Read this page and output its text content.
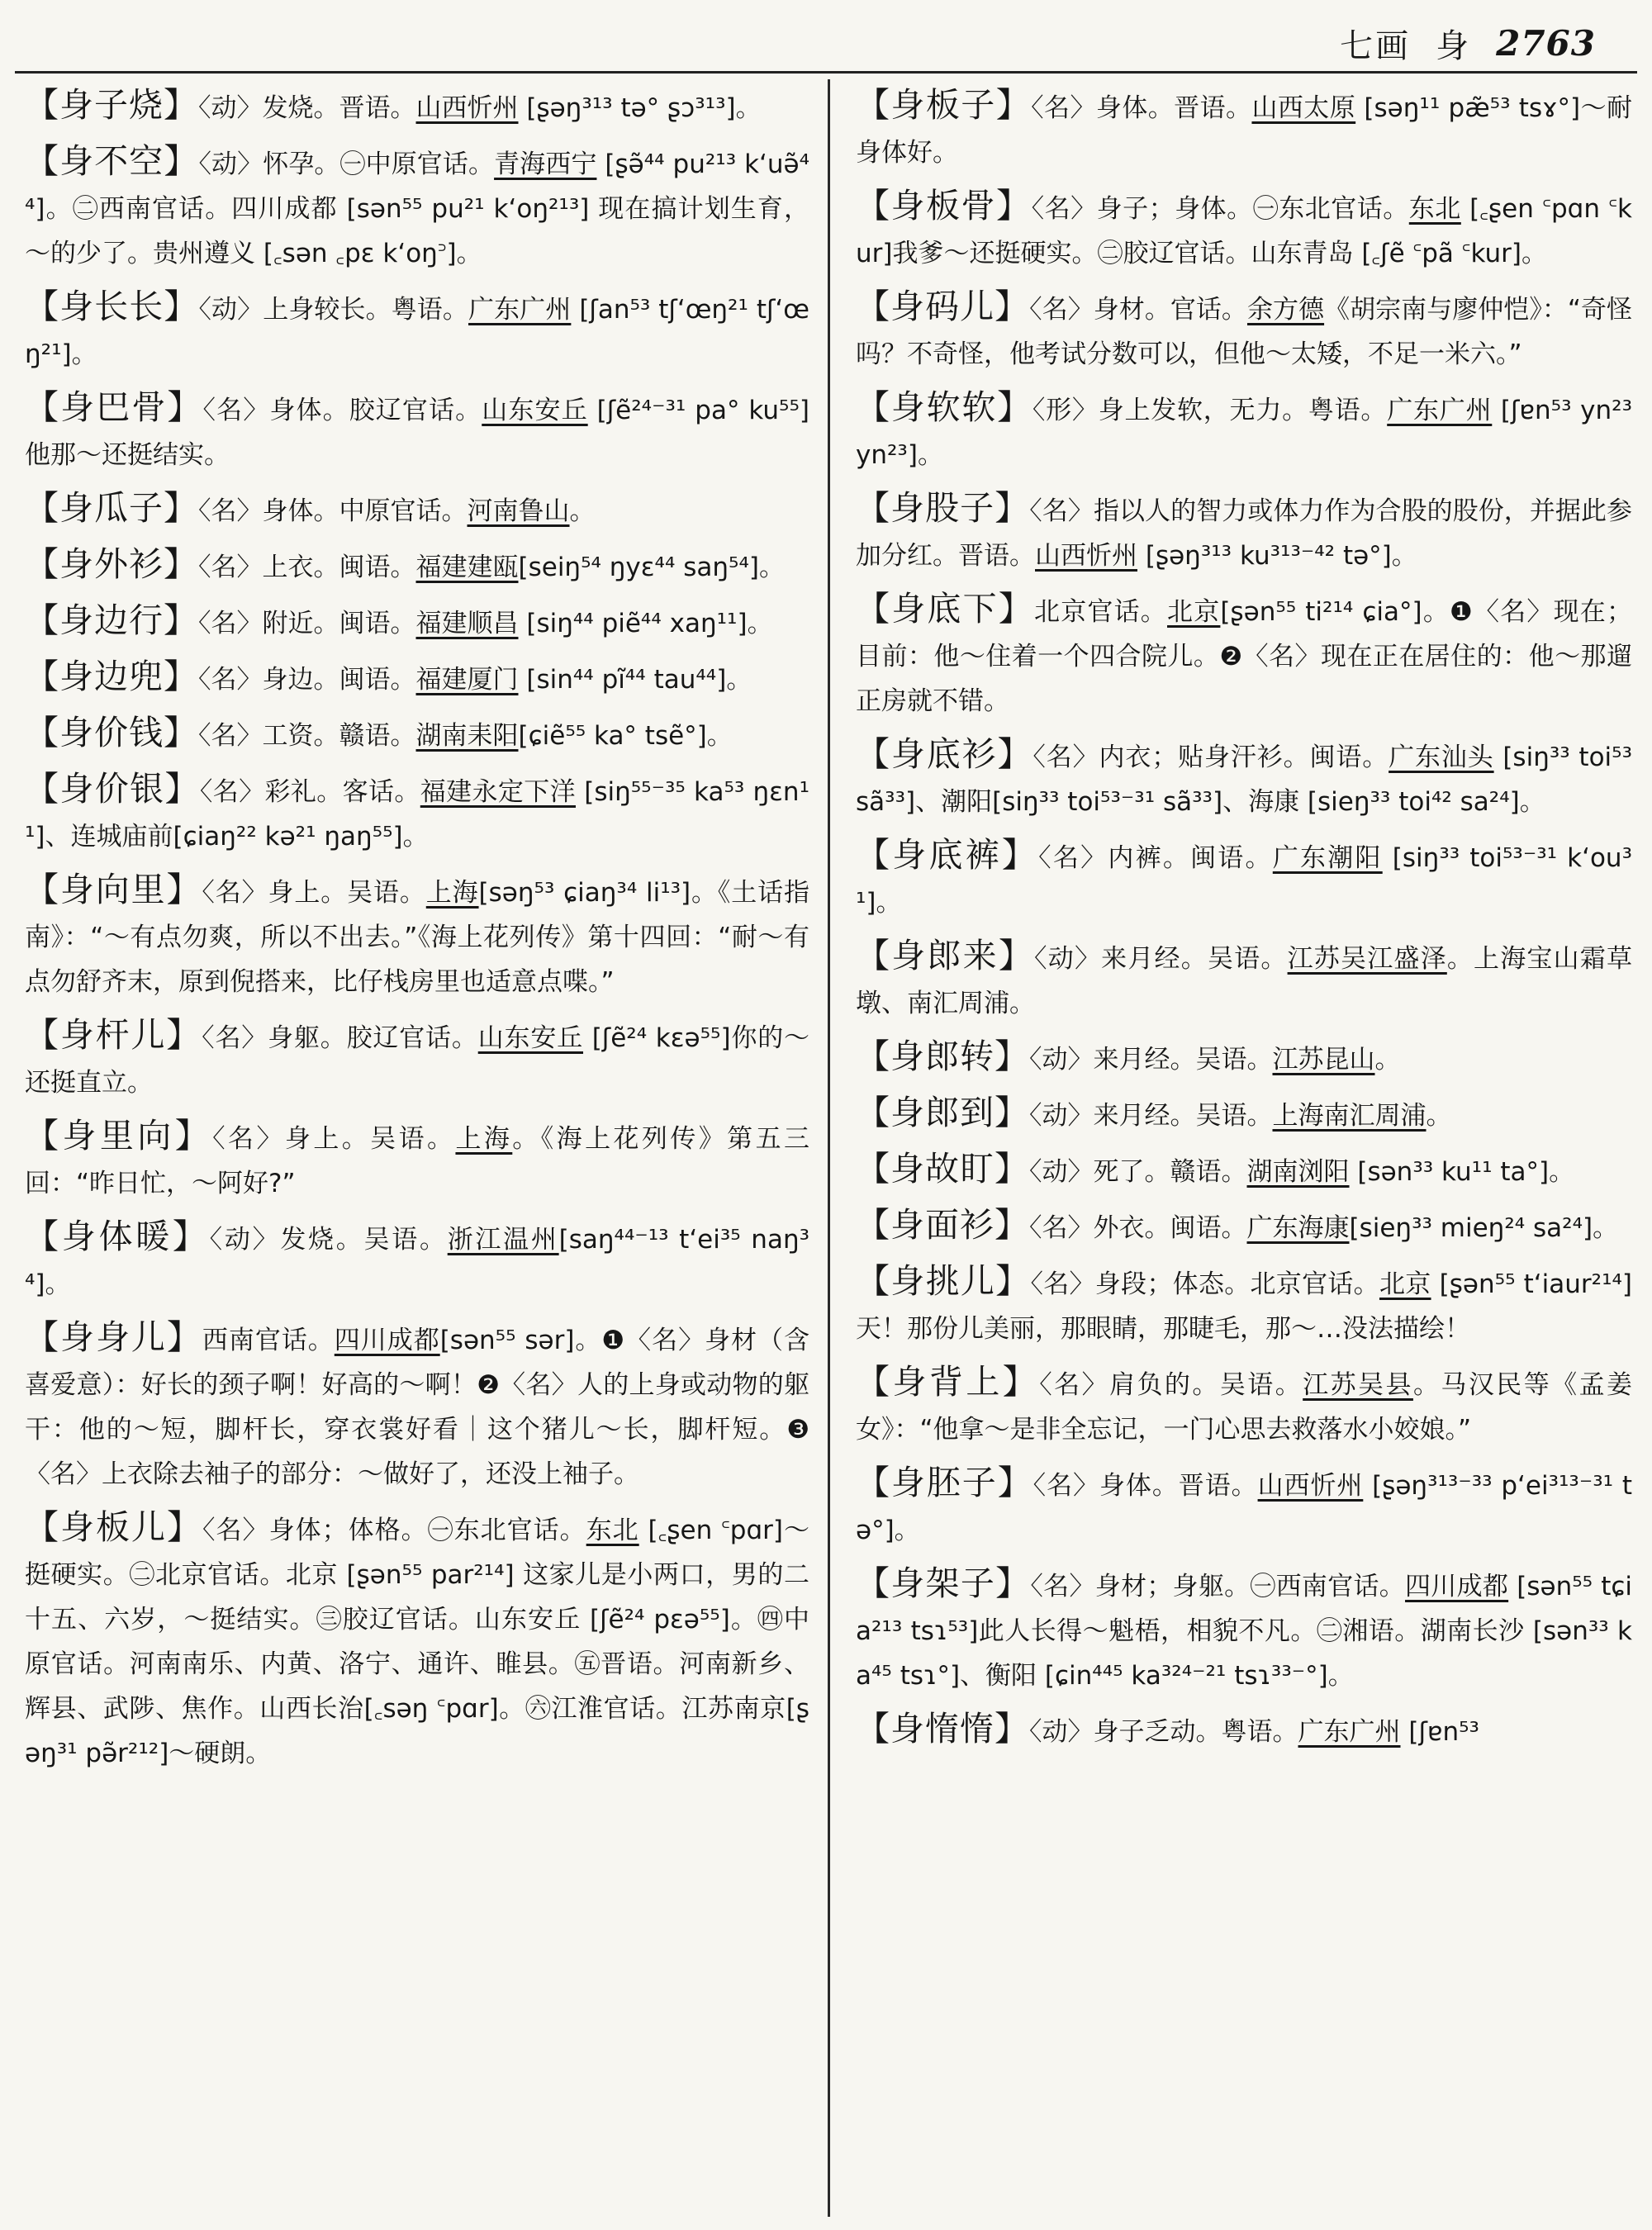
七画 身 2763

【身子烧】〈动〉发烧。晋语。山西忻州 [ʂəŋ³¹³ tə° ʂɔ³¹³]。

【身不空】〈动〉怀孕。㊀中原官话。青海西宁 [ʂə̃⁴⁴ pu²¹³ kʻuə̃⁴⁴]。㊁西南官话。四川成都 [sən⁵⁵ pu²¹ kʻoŋ²¹³] 现在搞计划生育，～的少了。贵州遵义 [꜀sən ꜀pɛ kʻoŋ꜄]。

【身长长】〈动〉上身较长。粤语。广东广州 [ʃan⁵³ tʃʻœŋ²¹ tʃʻœŋ²¹]。

【身巴骨】〈名〉身体。胶辽官话。山东安丘 [ʃẽ²⁴⁻³¹ pa° ku⁵⁵]他那～还挺结实。

【身瓜子】〈名〉身体。中原官话。河南鲁山。

【身外衫】〈名〉上衣。闽语。福建建瓯[seiŋ⁵⁴ ŋyɛ⁴⁴ saŋ⁵⁴]。

【身边行】〈名〉附近。闽语。福建顺昌 [siŋ⁴⁴ piẽ⁴⁴ xaŋ¹¹]。

【身边兜】〈名〉身边。闽语。福建厦门 [sin⁴⁴ pĩ⁴⁴ tau⁴⁴]。

【身价钱】〈名〉工资。赣语。湖南耒阳[ɕiẽ⁵⁵ ka° tsẽ°]。

【身价银】〈名〉彩礼。客话。福建永定下洋 [siŋ⁵⁵⁻³⁵ ka⁵³ ŋɛn¹¹]、连城庙前[ɕiaŋ²² kə²¹ ŋaŋ⁵⁵]。

【身向里】〈名〉身上。吴语。上海[səŋ⁵³ ɕiaŋ³⁴ li¹³]。《土话指南》：“～有点勿爽，所以不出去。”《海上花列传》第十四回：“耐～有点勿舒齐末，原到倪搭来，比仔栈房里也适意点喋。”

【身杆儿】〈名〉身躯。胶辽官话。山东安丘 [ʃẽ²⁴ kɛə⁵⁵]你的～还挺直立。

【身里向】〈名〉身上。吴语。上海。《海上花列传》第五三回：“昨日忙，～阿好?”

【身体暖】〈动〉发烧。吴语。浙江温州[saŋ⁴⁴⁻¹³ tʻei³⁵ naŋ³⁴]。

【身身儿】西南官话。四川成都[sən⁵⁵ sər]。❶〈名〉身材（含喜爱意）：好长的颈子啊！好高的～啊！❷〈名〉人的上身或动物的躯干：他的～短，脚杆长，穿衣裳好看｜这个猪儿～长，脚杆短。❸〈名〉上衣除去袖子的部分：～做好了，还没上袖子。

【身板儿】〈名〉身体；体格。㊀东北官话。东北 [꜀ʂen ꜂pɑr]～挺硬实。㊁北京官话。北京 [ʂən⁵⁵ par²¹⁴] 这家儿是小两口，男的二十五、六岁，～挺结实。㊂胶辽官话。山东安丘 [ʃẽ²⁴ pɛə⁵⁵]。㊃中原官话。河南南乐、内黄、洛宁、通许、睢县。㊄晋语。河南新乡、辉县、武陟、焦作。山西长治[꜀səŋ ꜂pɑr]。㊅江淮官话。江苏南京[ʂəŋ³¹ pə̃r²¹²]～硬朗。

【身板子】〈名〉身体。晋语。山西太原 [səŋ¹¹ pæ̃⁵³ tsɤ°]～耐身体好。

【身板骨】〈名〉身子；身体。㊀东北官话。东北 [꜀ʂen ꜂pɑn ꜂kur]我爹～还挺硬实。㊁胶辽官话。山东青岛 [꜀ʃẽ ꜂pã ꜂kur]。

【身码儿】〈名〉身材。官话。余方德《胡宗南与廖仲恺》：“奇怪吗？不奇怪，他考试分数可以，但他～太矮，不足一米六。”

【身软软】〈形〉身上发软，无力。粤语。广东广州 [ʃɐn⁵³ yn²³ yn²³]。

【身股子】〈名〉指以人的智力或体力作为合股的股份，并据此参加分红。晋语。山西忻州 [ʂəŋ³¹³ ku³¹³⁻⁴² tə°]。

【身底下】北京官话。北京[ʂən⁵⁵ ti²¹⁴ ɕia°]。❶〈名〉现在；目前：他～住着一个四合院儿。❷〈名〉现在正在居住的：他～那遛正房就不错。

【身底衫】〈名〉内衣；贴身汗衫。闽语。广东汕头 [siŋ³³ toi⁵³ sã³³]、潮阳[siŋ³³ toi⁵³⁻³¹ sã³³]、海康 [sieŋ³³ toi⁴² sa²⁴]。

【身底裤】〈名〉内裤。闽语。广东潮阳 [siŋ³³ toi⁵³⁻³¹ kʻou³¹]。

【身郎来】〈动〉来月经。吴语。江苏吴江盛泽。上海宝山霜草墩、南汇周浦。

【身郎转】〈动〉来月经。吴语。江苏昆山。

【身郎到】〈动〉来月经。吴语。上海南汇周浦。

【身故盯】〈动〉死了。赣语。湖南浏阳 [sən³³ ku¹¹ ta°]。

【身面衫】〈名〉外衣。闽语。广东海康[sieŋ³³ mieŋ²⁴ sa²⁴]。

【身挑儿】〈名〉身段；体态。北京官话。北京 [ʂən⁵⁵ tʻiaur²¹⁴] 天！那份儿美丽，那眼睛，那睫毛，那～…没法描绘！

【身背上】〈名〉肩负的。吴语。江苏吴县。马汉民等《孟姜女》：“他拿～是非全忘记，一门心思去救落水小姣娘。”

【身胚子】〈名〉身体。晋语。山西忻州 [ʂəŋ³¹³⁻³³ pʻei³¹³⁻³¹ tə°]。

【身架子】〈名〉身材；身躯。㊀西南官话。四川成都 [sən⁵⁵ tɕia²¹³ tsɿ⁵³]此人长得～魁梧，相貌不凡。㊁湘语。湖南长沙 [sən³³ ka⁴⁵ tsɿ°]、衡阳 [ɕin⁴⁴⁵ ka³²⁴⁻²¹ tsɿ³³⁻°]。

【身惰惰】〈动〉身子乏动。粤语。广东广州 [ʃɐn⁵³
